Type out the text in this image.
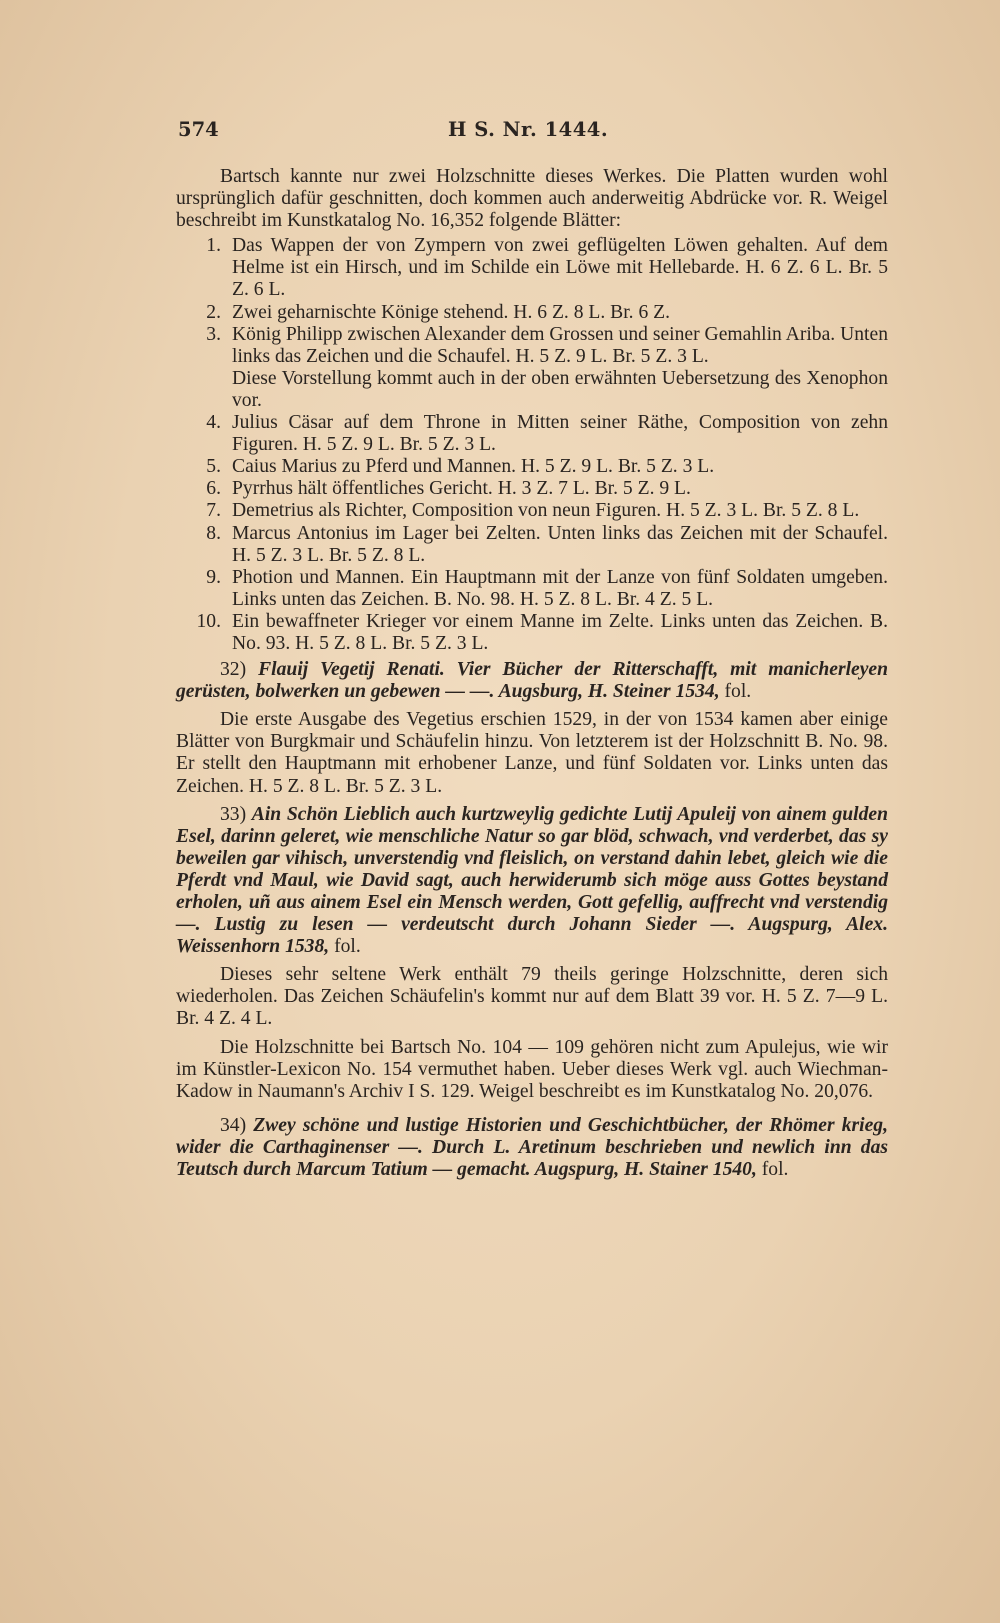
574	H S. Nr. 1444.

Bartsch kannte nur zwei Holzschnitte dieses Werkes. Die Platten wurden wohl ursprünglich dafür geschnitten, doch kommen auch anderweitig Abdrücke vor. R. Weigel beschreibt im Kunstkatalog No. 16,352 folgende Blätter:

1. Das Wappen der von Zympern von zwei geflügelten Löwen gehalten. Auf dem Helme ist ein Hirsch, und im Schilde ein Löwe mit Hellebarde. H. 6 Z. 6 L. Br. 5 Z. 6 L.
2. Zwei geharnischte Könige stehend. H. 6 Z. 8 L. Br. 6 Z.
3. König Philipp zwischen Alexander dem Grossen und seiner Gemahlin Ariba. Unten links das Zeichen und die Schaufel. H. 5 Z. 9 L. Br. 5 Z. 3 L.
Diese Vorstellung kommt auch in der oben erwähnten Uebersetzung des Xenophon vor.
4. Julius Cäsar auf dem Throne in Mitten seiner Räthe, Composition von zehn Figuren. H. 5 Z. 9 L. Br. 5 Z. 3 L.
5. Caius Marius zu Pferd und Mannen. H. 5 Z. 9 L. Br. 5 Z. 3 L.
6. Pyrrhus hält öffentliches Gericht. H. 3 Z. 7 L. Br. 5 Z. 9 L.
7. Demetrius als Richter, Composition von neun Figuren. H. 5 Z. 3 L. Br. 5 Z. 8 L.
8. Marcus Antonius im Lager bei Zelten. Unten links das Zeichen mit der Schaufel. H. 5 Z. 3 L. Br. 5 Z. 8 L.
9. Photion und Mannen. Ein Hauptmann mit der Lanze von fünf Soldaten umgeben. Links unten das Zeichen. B. No. 98. H. 5 Z. 8 L. Br. 4 Z. 5 L.
10. Ein bewaffneter Krieger vor einem Manne im Zelte. Links unten das Zeichen. B. No. 93. H. 5 Z. 8 L. Br. 5 Z. 3 L.

32) Flauij Vegetij Renati. Vier Bücher der Ritterschafft, mit manicherleyen gerüsten, bolwerken un gebewen — —. Augsburg, H. Steiner 1534, fol.

Die erste Ausgabe des Vegetius erschien 1529, in der von 1534 kamen aber einige Blätter von Burgkmair und Schäufelin hinzu. Von letzterem ist der Holzschnitt B. No. 98. Er stellt den Hauptmann mit erhobener Lanze, und fünf Soldaten vor. Links unten das Zeichen. H. 5 Z. 8 L. Br. 5 Z. 3 L.

33) Ain Schön Lieblich auch kurtzweylig gedichte Lutij Apuleij von ainem gulden Esel, darinn geleret, wie menschliche Natur so gar blöd, schwach, vnd verderbet, das sy beweilen gar vihisch, unverstendig vnd fleislich, on verstand dahin lebet, gleich wie die Pferdt vnd Maul, wie David sagt, auch herwiderumb sich möge auss Gottes beystand erholen, uñ aus ainem Esel ein Mensch werden, Gott gefellig, auffrecht vnd verstendig —. Lustig zu lesen — verdeutscht durch Johann Sieder —. Augspurg, Alex. Weissenhorn 1538, fol.

Dieses sehr seltene Werk enthält 79 theils geringe Holzschnitte, deren sich wiederholen. Das Zeichen Schäufelin's kommt nur auf dem Blatt 39 vor. H. 5 Z. 7—9 L. Br. 4 Z. 4 L.

Die Holzschnitte bei Bartsch No. 104 — 109 gehören nicht zum Apulejus, wie wir im Künstler-Lexicon No. 154 vermuthet haben. Ueber dieses Werk vgl. auch Wiechman-Kadow in Naumann's Archiv I S. 129. Weigel beschreibt es im Kunstkatalog No. 20,076.

34) Zwey schöne und lustige Historien und Geschichtbücher, der Rhömer krieg, wider die Carthaginenser —. Durch L. Aretinum beschrieben und newlich inn das Teutsch durch Marcum Tatium — gemacht. Augspurg, H. Stainer 1540, fol.
